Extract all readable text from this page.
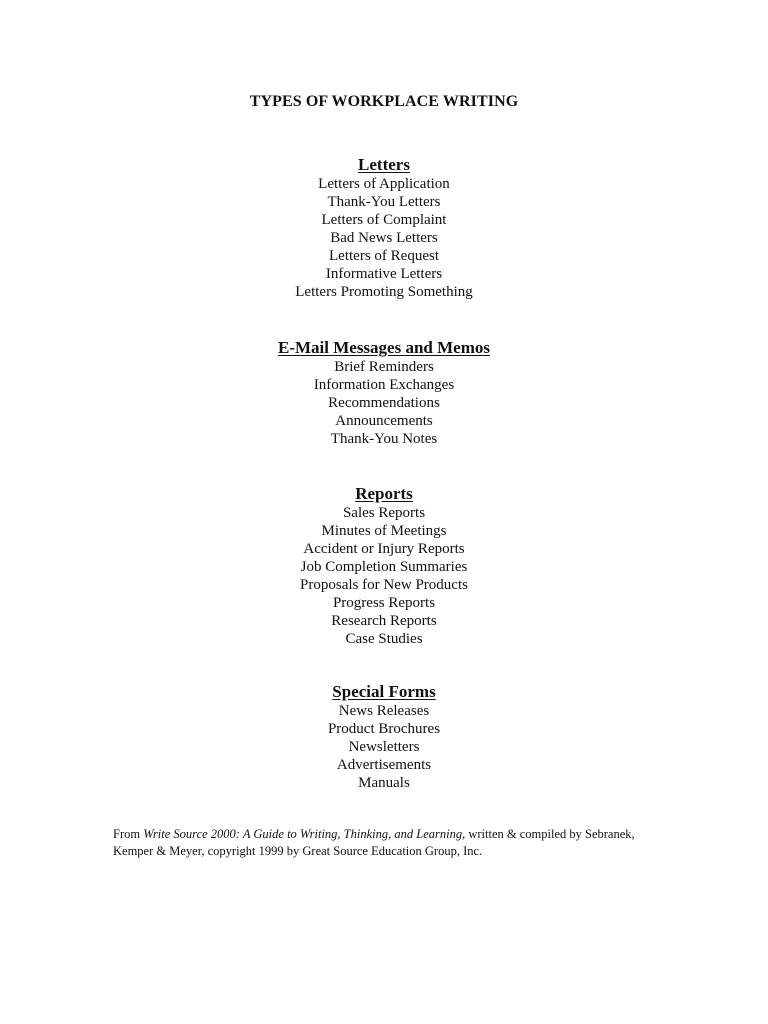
TYPES OF WORKPLACE WRITING
Letters
Letters of Application
Thank-You Letters
Letters of Complaint
Bad News Letters
Letters of Request
Informative Letters
Letters Promoting Something
E-Mail Messages and Memos
Brief Reminders
Information Exchanges
Recommendations
Announcements
Thank-You Notes
Reports
Sales Reports
Minutes of Meetings
Accident or Injury Reports
Job Completion Summaries
Proposals for New Products
Progress Reports
Research Reports
Case Studies
Special Forms
News Releases
Product Brochures
Newsletters
Advertisements
Manuals

From Write Source 2000: A Guide to Writing, Thinking, and Learning, written & compiled by Sebranek, Kemper & Meyer, copyright 1999 by Great Source Education Group, Inc.
